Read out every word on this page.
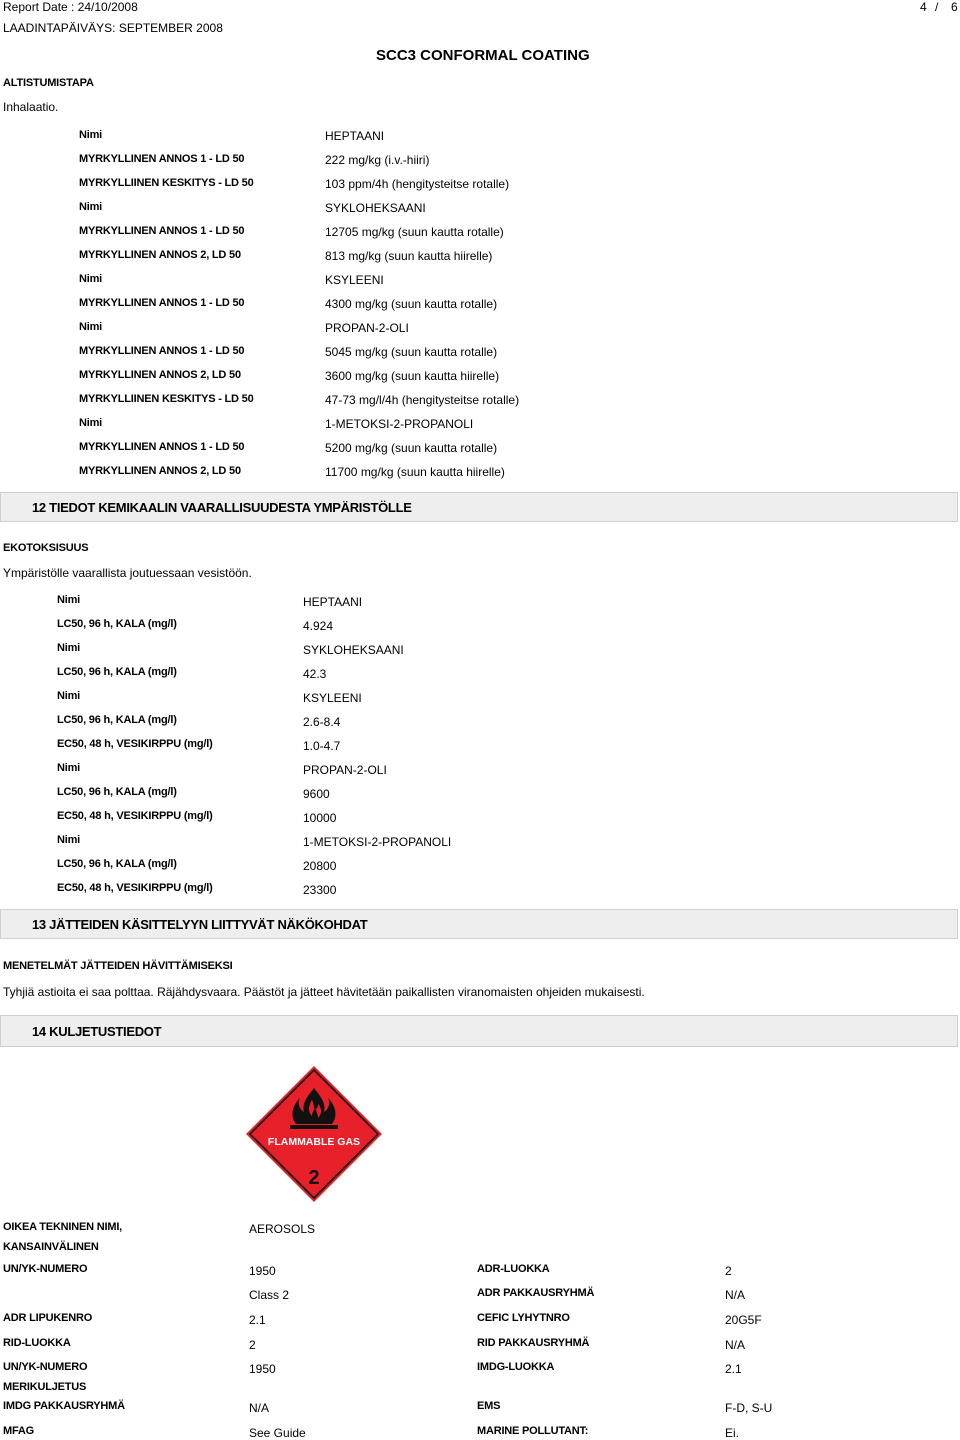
Report Date : 24/10/2008	4 / 6
LAADINTAPÄIVÄYS: SEPTEMBER 2008
SCC3 CONFORMAL COATING
ALTISTUMISTAPA
Inhalaatio.
Nimi	HEPTAANI
MYRKYLLINEN ANNOS 1 - LD 50	222 mg/kg (i.v.-hiiri)
MYRKYLLIINEN KESKITYS - LD 50	103 ppm/4h (hengitysteitse rotalle)
Nimi	SYKLOHEKSAANI
MYRKYLLINEN ANNOS 1 - LD 50	12705 mg/kg (suun kautta rotalle)
MYRKYLLINEN ANNOS 2, LD 50	813 mg/kg (suun kautta hiirelle)
Nimi	KSYLEENI
MYRKYLLINEN ANNOS 1 - LD 50	4300 mg/kg (suun kautta rotalle)
Nimi	PROPAN-2-OLI
MYRKYLLINEN ANNOS 1 - LD 50	5045 mg/kg (suun kautta rotalle)
MYRKYLLINEN ANNOS 2, LD 50	3600 mg/kg (suun kautta hiirelle)
MYRKYLLIINEN KESKITYS - LD 50	47-73 mg/l/4h (hengitysteitse rotalle)
Nimi	1-METOKSI-2-PROPANOLI
MYRKYLLINEN ANNOS 1 - LD 50	5200 mg/kg (suun kautta rotalle)
MYRKYLLINEN ANNOS 2, LD 50	11700 mg/kg (suun kautta hiirelle)
12 TIEDOT KEMIKAALIN VAARALLISUUDESTA YMPÄRISTÖLLE
EKOTOKSISUUS
Ympäristölle vaarallista joutuessaan vesistöön.
Nimi	HEPTAANI
LC50, 96 h, KALA (mg/l)	4.924
Nimi	SYKLOHEKSAANI
LC50, 96 h, KALA (mg/l)	42.3
Nimi	KSYLEENI
LC50, 96 h, KALA (mg/l)	2.6-8.4
EC50, 48 h, VESIKIRPPU (mg/l)	1.0-4.7
Nimi	PROPAN-2-OLI
LC50, 96 h, KALA (mg/l)	9600
EC50, 48 h, VESIKIRPPU (mg/l)	10000
Nimi	1-METOKSI-2-PROPANOLI
LC50, 96 h, KALA (mg/l)	20800
EC50, 48 h, VESIKIRPPU (mg/l)	23300
13 JÄTTEIDEN KÄSITTELYYN LIITTYVÄT NÄKÖKOHDAT
MENETELMÄT JÄTTEIDEN HÄVITTÄMISEKSI
Tyhjiä astioita ei saa polttaa. Räjähdysvaara. Päästöt ja jätteet hävitetään paikallisten viranomaisten ohjeiden mukaisesti.
14 KULJETUSTIEDOT
FLAMMABLE GAS
2
OIKEA TEKNINEN NIMI,
KANSAINVÄLINEN
AEROSOLS
UN/YK-NUMERO	1950	ADR-LUOKKA	2
Class 2	ADR PAKKAUSRYHMÄ	N/A
ADR LIPUKENRO	2.1	CEFIC LYHYTNRO	20G5F
RID-LUOKKA	2	RID PAKKAUSRYHMÄ	N/A
UN/YK-NUMERO
MERIKULJETUS
1950	IMDG-LUOKKA	2.1
IMDG PAKKAUSRYHMÄ	N/A	EMS	F-D, S-U
MFAG	See Guide	MARINE POLLUTANT:	Ei.
